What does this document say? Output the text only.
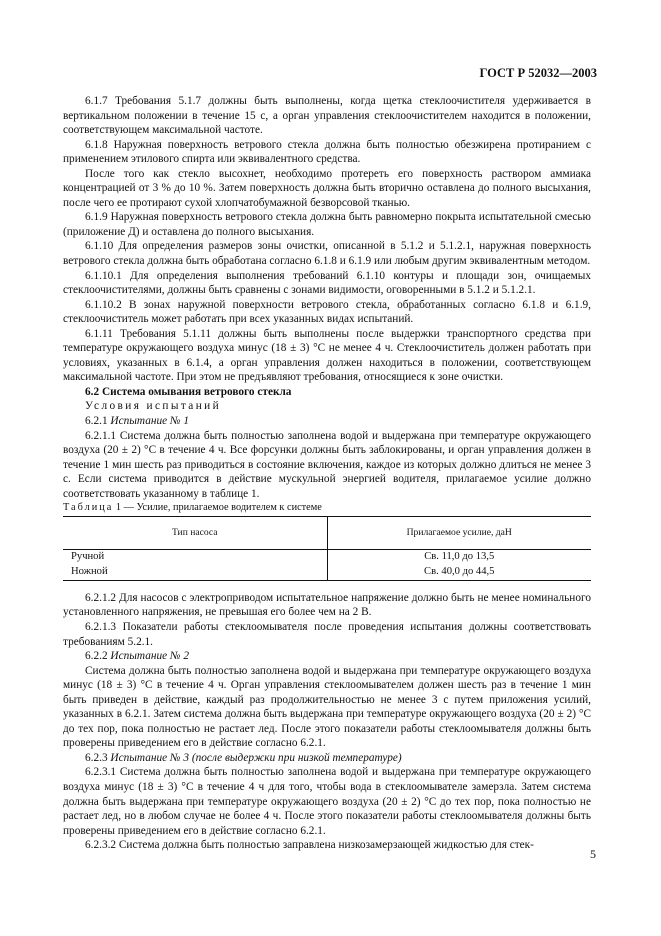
ГОСТ Р 52032—2003

6.1.7 Требования 5.1.7 должны быть выполнены, когда щетка стеклоочистителя удерживается в вертикальном положении в течение 15 с, а орган управления стеклоочистителем находится в положении, соответствующем максимальной частоте.

6.1.8 Наружная поверхность ветрового стекла должна быть полностью обезжирена протиранием с применением этилового спирта или эквивалентного средства.

После того как стекло высохнет, необходимо протереть его поверхность раствором аммиака концентрацией от 3 % до 10 %. Затем поверхность должна быть вторично оставлена до полного высыхания, после чего ее протирают сухой хлопчатобумажной безворсовой тканью.

6.1.9 Наружная поверхность ветрового стекла должна быть равномерно покрыта испытательной смесью (приложение Д) и оставлена до полного высыхания.

6.1.10 Для определения размеров зоны очистки, описанной в 5.1.2 и 5.1.2.1, наружная поверхность ветрового стекла должна быть обработана согласно 6.1.8 и 6.1.9 или любым другим эквивалентным методом.

6.1.10.1 Для определения выполнения требований 6.1.10 контуры и площади зон, очищаемых стеклоочистителями, должны быть сравнены с зонами видимости, оговоренными в 5.1.2 и 5.1.2.1.

6.1.10.2 В зонах наружной поверхности ветрового стекла, обработанных согласно 6.1.8 и 6.1.9, стеклоочиститель может работать при всех указанных видах испытаний.

6.1.11 Требования 5.1.11 должны быть выполнены после выдержки транспортного средства при температуре окружающего воздуха минус (18 ± 3) °С не менее 4 ч. Стеклоочиститель должен работать при условиях, указанных в 6.1.4, а орган управления должен находиться в положении, соответствующем максимальной частоте. При этом не предъявляют требования, относящиеся к зоне очистки.

6.2 Система омывания ветрового стекла

Условия испытаний

6.2.1 Испытание № 1

6.2.1.1 Система должна быть полностью заполнена водой и выдержана при температуре окружающего воздуха (20 ± 2) °С в течение 4 ч. Все форсунки должны быть заблокированы, и орган управления должен в течение 1 мин шесть раз приводиться в состояние включения, каждое из которых должно длиться не менее 3 с. Если система приводится в действие мускульной энергией водителя, прилагаемое усилие должно соответствовать указанному в таблице 1.

Таблица 1 — Усилие, прилагаемое водителем к системе

Тип насоса	Прилагаемое усилие, даН
Ручной	Св. 11,0 до 13,5
Ножной	Св. 40,0 до 44,5

6.2.1.2 Для насосов с электроприводом испытательное напряжение должно быть не менее номинального установленного напряжения, не превышая его более чем на 2 В.

6.2.1.3 Показатели работы стеклоомывателя после проведения испытания должны соответствовать требованиям 5.2.1.

6.2.2 Испытание № 2

Система должна быть полностью заполнена водой и выдержана при температуре окружающего воздуха минус (18 ± 3) °С в течение 4 ч. Орган управления стеклоомывателем должен шесть раз в течение 1 мин быть приведен в действие, каждый раз продолжительностью не менее 3 с путем приложения усилий, указанных в 6.2.1. Затем система должна быть выдержана при температуре окружающего воздуха (20 ± 2) °С до тех пор, пока полностью не растает лед. После этого показатели работы стеклоомывателя должны быть проверены приведением его в действие согласно 6.2.1.

6.2.3 Испытание № 3 (после выдержки при низкой температуре)

6.2.3.1 Система должна быть полностью заполнена водой и выдержана при температуре окружающего воздуха минус (18 ± 3) °С в течение 4 ч для того, чтобы вода в стеклоомывателе замерзла. Затем система должна быть выдержана при температуре окружающего воздуха (20 ± 2) °С до тех пор, пока полностью не растает лед, но в любом случае не более 4 ч. После этого показатели работы стеклоомывателя должны быть проверены приведением его в действие согласно 6.2.1.

6.2.3.2 Система должна быть полностью заправлена низкозамерзающей жидкостью для стек-

5
